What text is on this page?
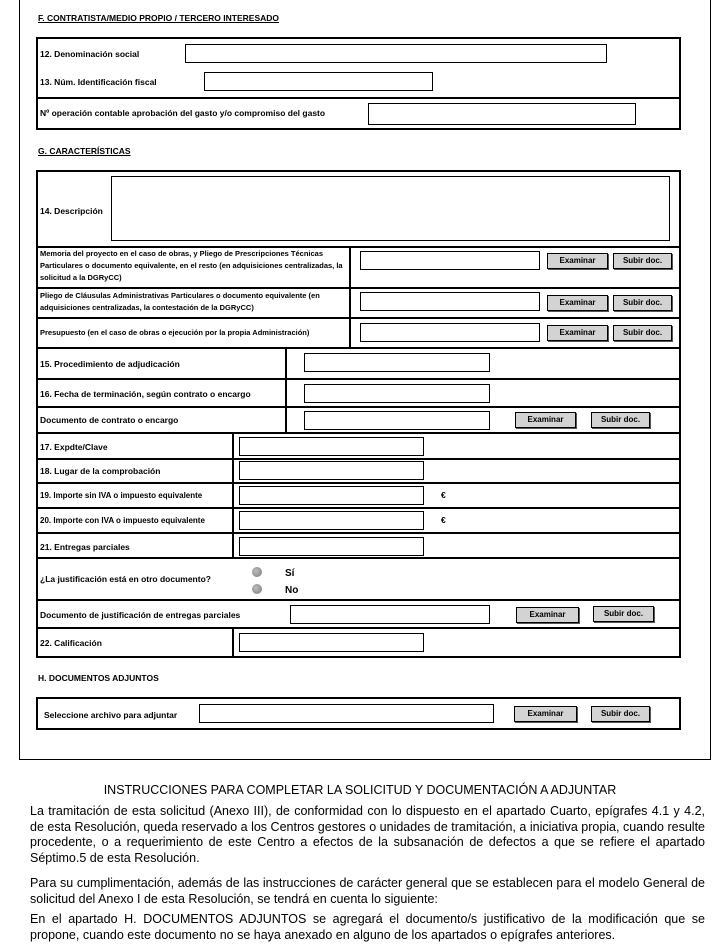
F. CONTRATISTA/MEDIO PROPIO / TERCERO INTERESADO
12. Denominación social
13. Núm. Identificación fiscal
Nº operación contable aprobación del gasto y/o compromiso del gasto
G. CARACTERÍSTICAS
14. Descripción
Memoria del proyecto en el caso de obras, y Pliego de Prescripciones Técnicas Particulares o documento equivalente, en el resto (en adquisiciones centralizadas, la solicitud a la DGRyCC)
Examinar	Subir doc.
Pliego de Cláusulas Administrativas Particulares o documento equivalente (en adquisiciones centralizadas, la contestación de la DGRyCC)
Examinar	Subir doc.
Presupuesto (en el caso de obras o ejecución por la propia Administración)	Examinar	Subir doc.
15. Procedimiento de adjudicación
16. Fecha de terminación, según contrato o encargo
Documento de contrato o encargo	Examinar	Subir doc.
17. Expdte/Clave
18. Lugar de la comprobación
19. Importe sin IVA o impuesto equivalente	€
20. Importe con IVA o impuesto equivalente	€
21. Entregas parciales
¿La justificación está en otro documento?	Sí
No
Documento de justificación de entregas parciales	Examinar	Subir doc.
22. Calificación
H. DOCUMENTOS ADJUNTOS
Seleccione archivo para adjuntar	Examinar	Subir doc.
INSTRUCCIONES PARA COMPLETAR LA SOLICITUD Y DOCUMENTACIÓN A ADJUNTAR
La tramitación de esta solicitud (Anexo III), de conformidad con lo dispuesto en el apartado Cuarto, epígrafes 4.1 y 4.2, de esta Resolución, queda reservado a los Centros gestores o unidades de tramitación, a iniciativa propia, cuando resulte procedente, o a requerimiento de este Centro a efectos de la subsanación de defectos a que se refiere el apartado Séptimo.5 de esta Resolución.
Para su cumplimentación, además de las instrucciones de carácter general que se establecen para el modelo General de solicitud del Anexo I de esta Resolución, se tendrá en cuenta lo siguiente:
En el apartado H. DOCUMENTOS ADJUNTOS se agregará el documento/s justificativo de la modificación que se propone, cuando este documento no se haya anexado en alguno de los apartados o epígrafes anteriores.
